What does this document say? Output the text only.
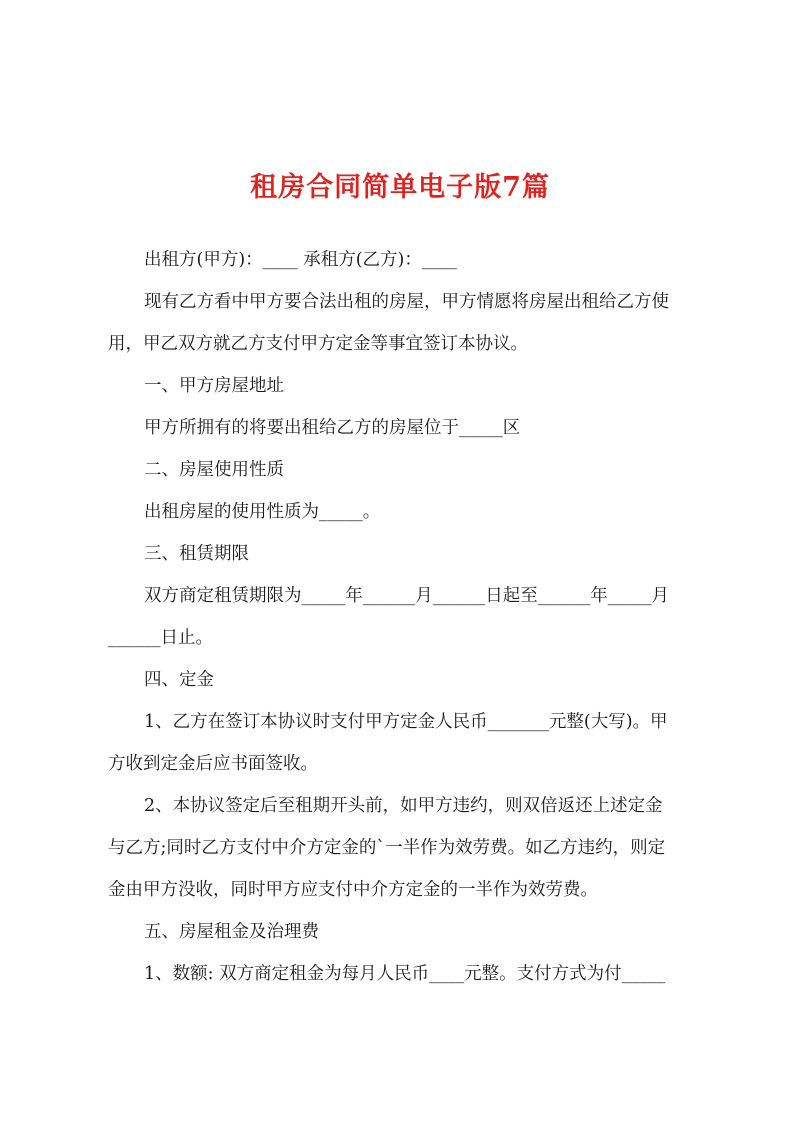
租房合同简单电子版7篇

出租方(甲方)：____ 承租方(乙方)：____

现有乙方看中甲方要合法出租的房屋，甲方情愿将房屋出租给乙方使
用，甲乙双方就乙方支付甲方定金等事宜签订本协议。

一、甲方房屋地址

甲方所拥有的将要出租给乙方的房屋位于_____区

二、房屋使用性质

出租房屋的使用性质为_____。

三、租赁期限

双方商定租赁期限为_____年______月______日起至______年_____月
______日止。

四、定金

1、乙方在签订本协议时支付甲方定金人民币_______元整(大写)。甲
方收到定金后应书面签收。

2、本协议签定后至租期开头前，如甲方违约，则双倍返还上述定金
与乙方;同时乙方支付中介方定金的`一半作为效劳费。如乙方违约，则定
金由甲方没收，同时甲方应支付中介方定金的一半作为效劳费。

五、房屋租金及治理费

1、数额: 双方商定租金为每月人民币____元整。支付方式为付_____
